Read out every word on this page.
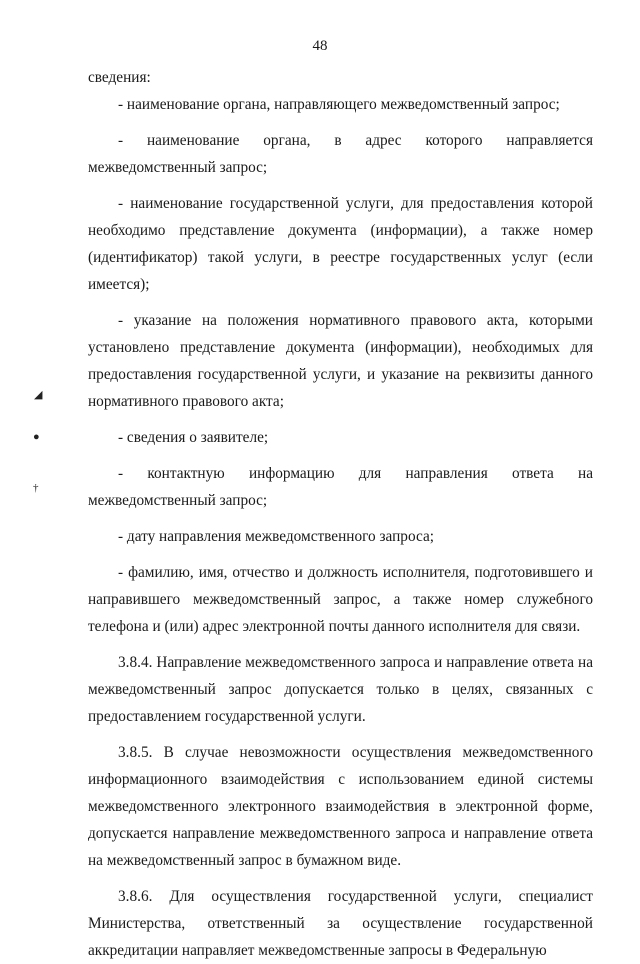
48

сведения:

- наименование органа, направляющего межведомственный запрос;

- наименование органа, в адрес которого направляется межведомственный запрос;

- наименование государственной услуги, для предоставления которой необходимо представление документа (информации), а также номер (идентификатор) такой услуги, в реестре государственных услуг (если имеется);

- указание на положения нормативного правового акта, которыми установлено представление документа (информации), необходимых для предоставления государственной услуги, и указание на реквизиты данного нормативного правового акта;

- сведения о заявителе;

- контактную информацию для направления ответа на межведомственный запрос;

- дату направления межведомственного запроса;

- фамилию, имя, отчество и должность исполнителя, подготовившего и направившего межведомственный запрос, а также номер служебного телефона и (или) адрес электронной почты данного исполнителя для связи.

3.8.4. Направление межведомственного запроса и направление ответа на межведомственный запрос допускается только в целях, связанных с предоставлением государственной услуги.

3.8.5. В случае невозможности осуществления межведомственного информационного взаимодействия с использованием единой системы межведомственного электронного взаимодействия в электронной форме, допускается направление межведомственного запроса и направление ответа на межведомственный запрос в бумажном виде.

3.8.6. Для осуществления государственной услуги, специалист Министерства, ответственный за осуществление государственной аккредитации направляет межведомственные запросы в Федеральную

◢
●
†
